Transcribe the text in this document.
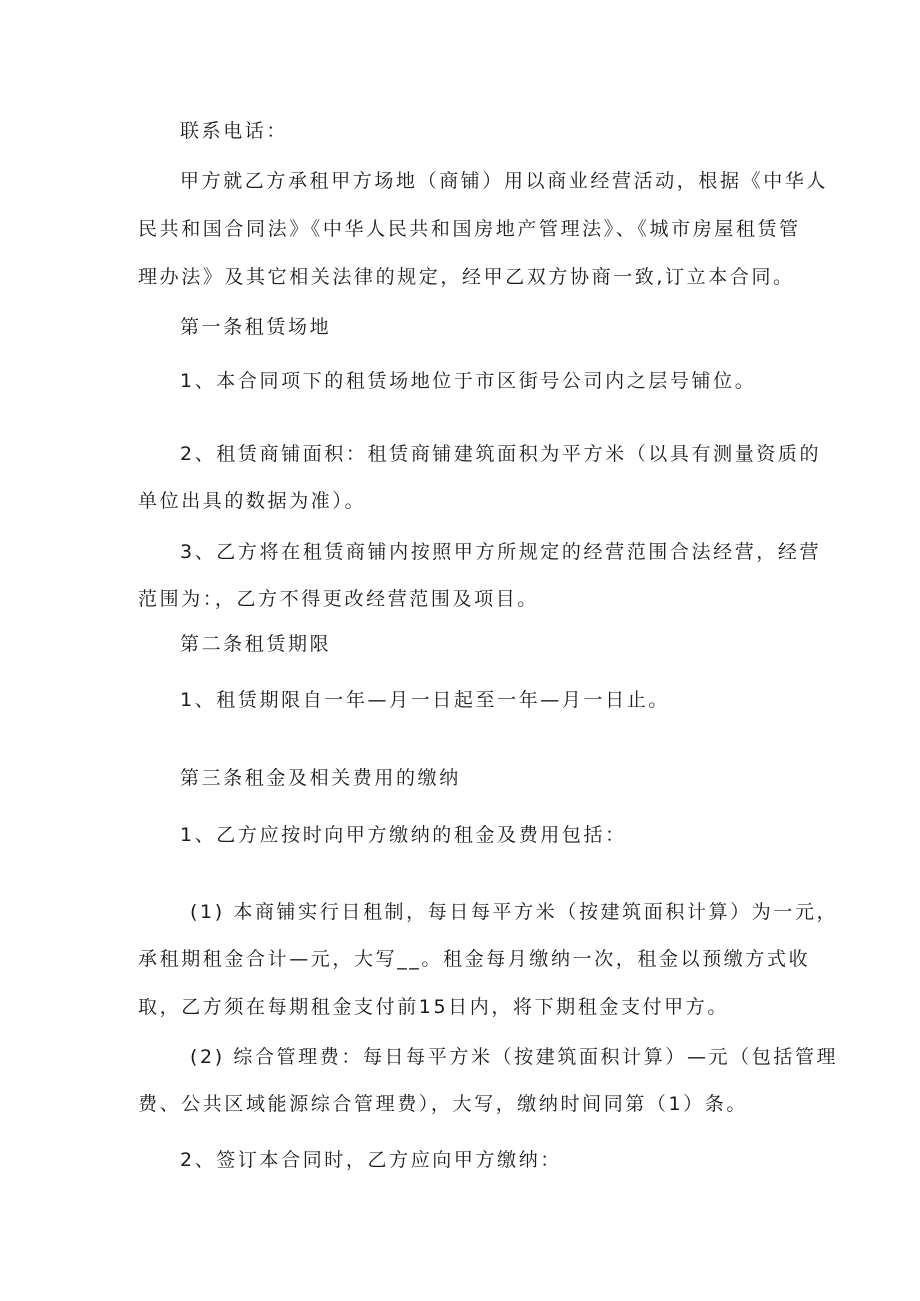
联系电话：
甲方就乙方承租甲方场地（商铺）用以商业经营活动，根据《中华人
民共和国合同法》《中华人民共和国房地产管理法》、《城市房屋租赁管
理办法》及其它相关法律的规定，经甲乙双方协商一致,订立本合同。
第一条租赁场地
1、本合同项下的租赁场地位于市区街号公司内之层号铺位。
2、租赁商铺面积：租赁商铺建筑面积为平方米（以具有测量资质的
单位出具的数据为准）。
3、乙方将在租赁商铺内按照甲方所规定的经营范围合法经营，经营
范围为：，乙方不得更改经营范围及项目。
第二条租赁期限
1、租赁期限自一年—月一日起至一年—月一日止。
第三条租金及相关费用的缴纳
1、乙方应按时向甲方缴纳的租金及费用包括：
(1) 本商铺实行日租制，每日每平方米（按建筑面积计算）为一元，
承租期租金合计—元，大写__。租金每月缴纳一次，租金以预缴方式收
取，乙方须在每期租金支付前15日内，将下期租金支付甲方。
(2) 综合管理费：每日每平方米（按建筑面积计算）—元（包括管理
费、公共区域能源综合管理费），大写，缴纳时间同第（1）条。
2、签订本合同时，乙方应向甲方缴纳：
